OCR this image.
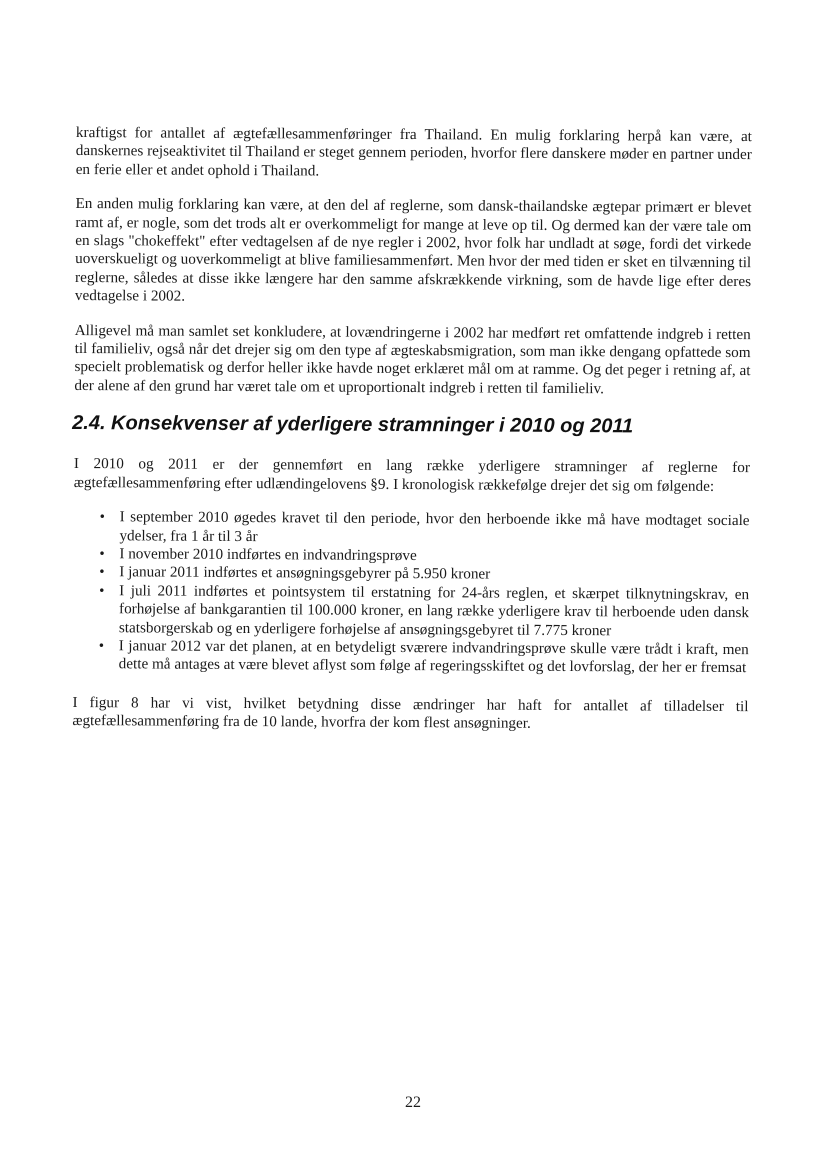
kraftigst for antallet af ægtefællesammenføringer fra Thailand. En mulig forklaring herpå kan være, at danskernes rejseaktivitet til Thailand er steget gennem perioden, hvorfor flere danskere møder en partner under en ferie eller et andet ophold i Thailand.

En anden mulig forklaring kan være, at den del af reglerne, som dansk-thailandske ægtepar primært er blevet ramt af, er nogle, som det trods alt er overkommeligt for mange at leve op til. Og dermed kan der være tale om en slags "chokeffekt" efter vedtagelsen af de nye regler i 2002, hvor folk har undladt at søge, fordi det virkede uoverskueligt og uoverkommeligt at blive familiesammenført. Men hvor der med tiden er sket en tilvænning til reglerne, således at disse ikke længere har den samme afskrækkende virkning, som de havde lige efter deres vedtagelse i 2002.

Alligevel må man samlet set konkludere, at lovændringerne i 2002 har medført ret omfattende indgreb i retten til familieliv, også når det drejer sig om den type af ægteskabsmigration, som man ikke dengang opfattede som specielt problematisk og derfor heller ikke havde noget erklæret mål om at ramme. Og det peger i retning af, at der alene af den grund har været tale om et uproportionalt indgreb i retten til familieliv.

2.4. Konsekvenser af yderligere stramninger i 2010 og 2011

I 2010 og 2011 er der gennemført en lang række yderligere stramninger af reglerne for ægtefællesammenføring efter udlændingelovens §9. I kronologisk rækkefølge drejer det sig om følgende:

• I september 2010 øgedes kravet til den periode, hvor den herboende ikke må have modtaget sociale ydelser, fra 1 år til 3 år
• I november 2010 indførtes en indvandringsprøve
• I januar 2011 indførtes et ansøgningsgebyrer på 5.950 kroner
• I juli 2011 indførtes et pointsystem til erstatning for 24-års reglen, et skærpet tilknytningskrav, en forhøjelse af bankgarantien til 100.000 kroner, en lang række yderligere krav til herboende uden dansk statsborgerskab og en yderligere forhøjelse af ansøgningsgebyret til 7.775 kroner
• I januar 2012 var det planen, at en betydeligt sværere indvandringsprøve skulle være trådt i kraft, men dette må antages at være blevet aflyst som følge af regeringsskiftet og det lovforslag, der her er fremsat

I figur 8 har vi vist, hvilket betydning disse ændringer har haft for antallet af tilladelser til ægtefællesammenføring fra de 10 lande, hvorfra der kom flest ansøgninger.

22
